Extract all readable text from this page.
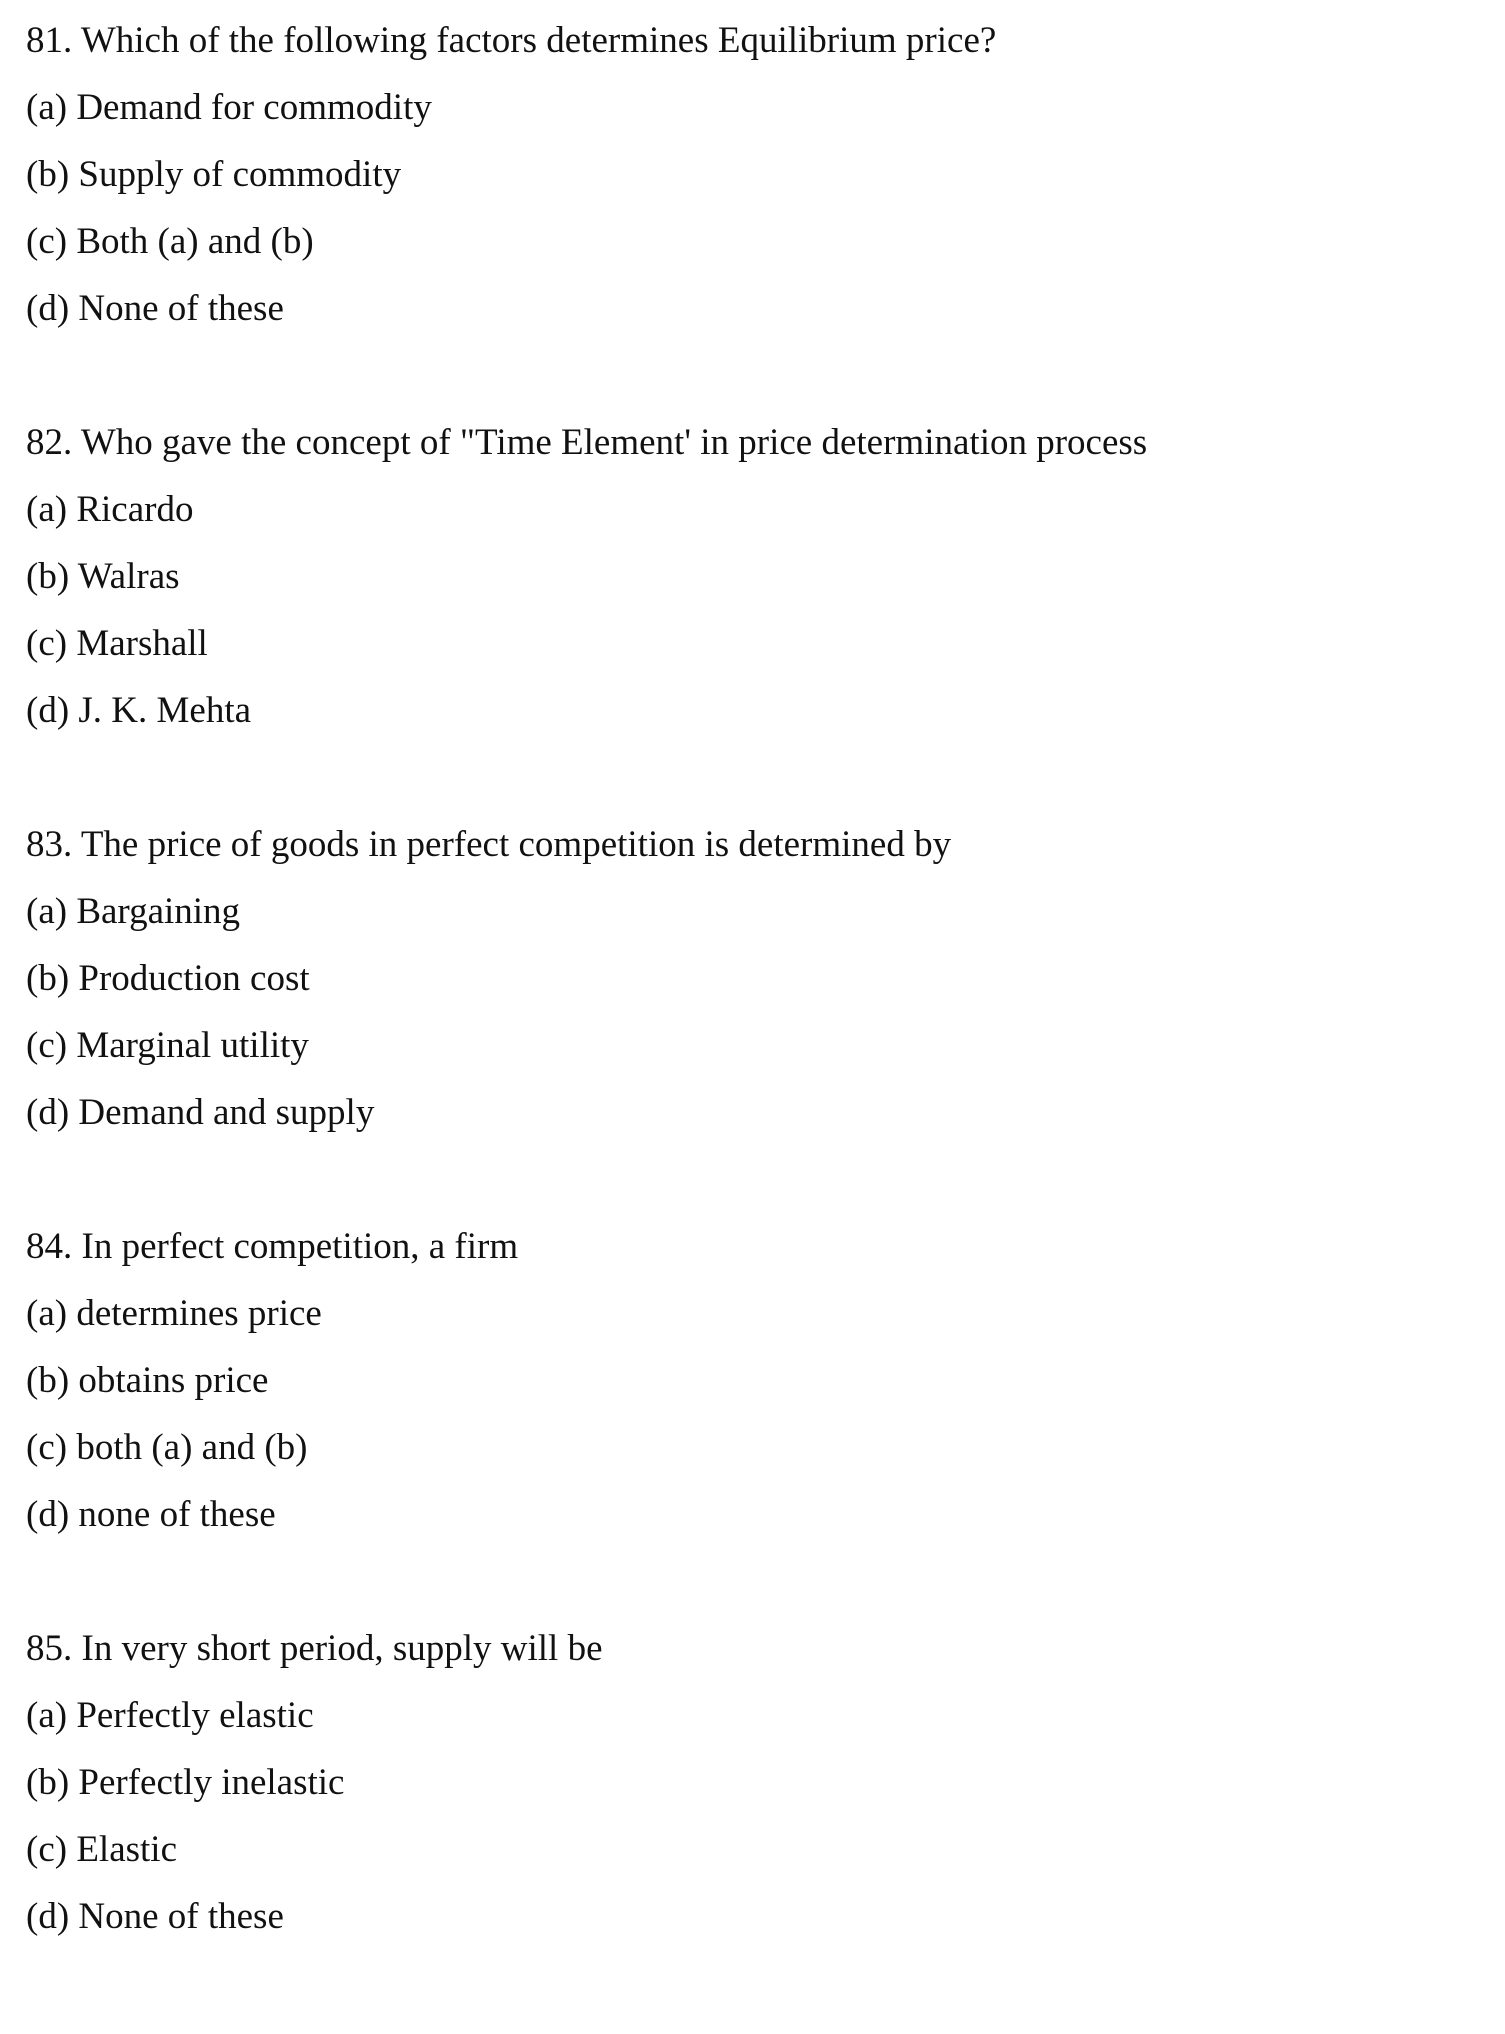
81. Which of the following factors determines Equilibrium price?
(a) Demand for commodity
(b) Supply of commodity
(c) Both (a) and (b)
(d) None of these
82. Who gave the concept of "Time Element' in price determination process
(a) Ricardo
(b) Walras
(c) Marshall
(d) J. K. Mehta
83. The price of goods in perfect competition is determined by
(a) Bargaining
(b) Production cost
(c) Marginal utility
(d) Demand and supply
84. In perfect competition, a firm
(a) determines price
(b) obtains price
(c) both (a) and (b)
(d) none of these
85. In very short period, supply will be
(a) Perfectly elastic
(b) Perfectly inelastic
(c) Elastic
(d) None of these
